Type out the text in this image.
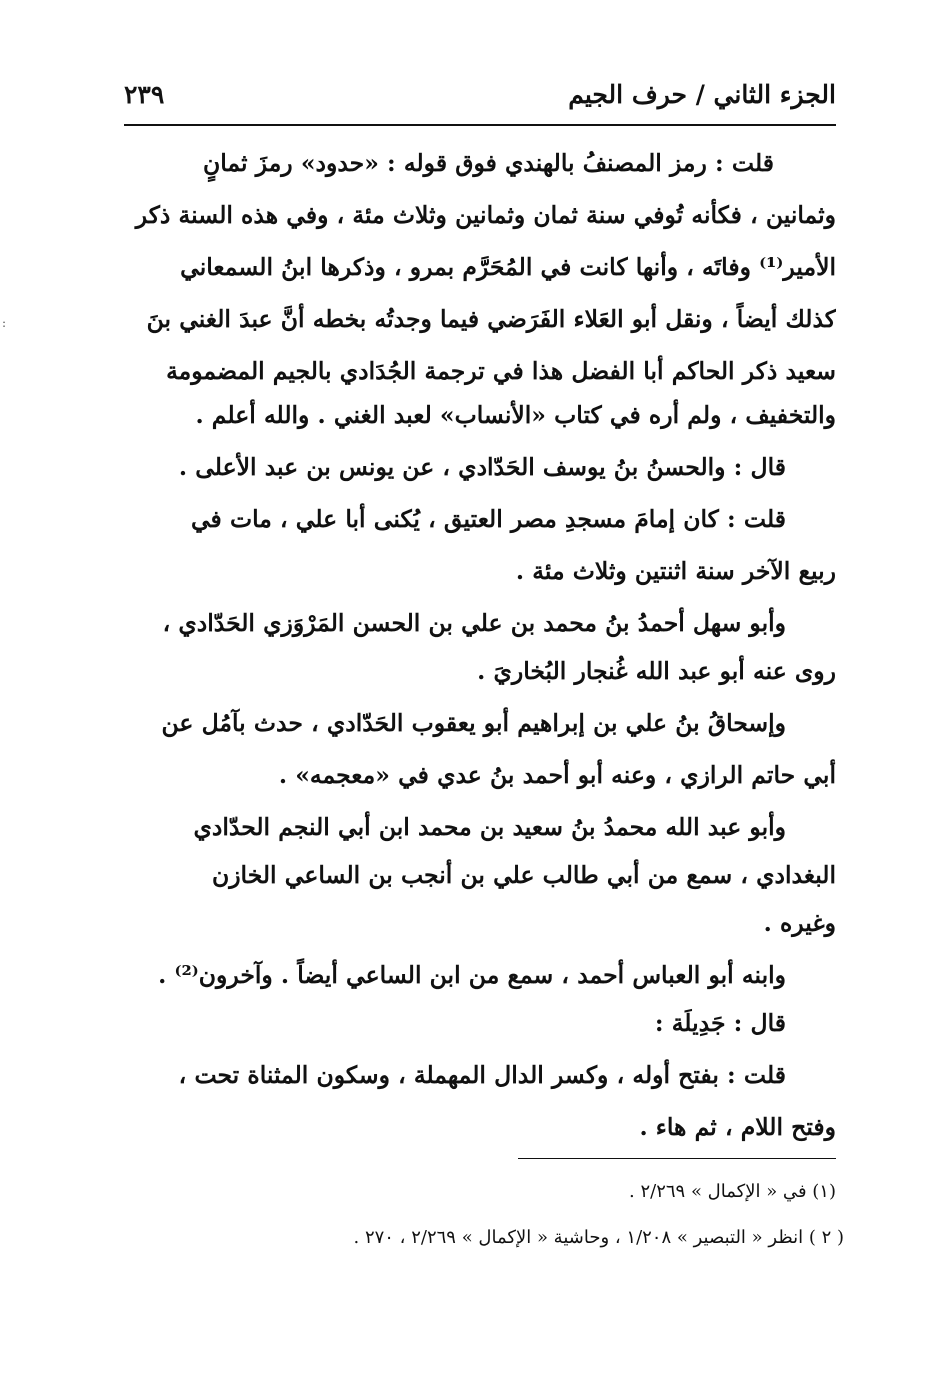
الجزء الثاني / حرف الجيم
٢٣٩
قلت : رمز المصنفُ بالهندي فوق قوله : «حدود» رمزَ ثمانٍ
وثمانين ، فكأنه تُوفي سنة ثمان وثمانين وثلاث مئة ، وفي هذه السنة ذكر
الأمير⁽¹⁾ وفاتَه ، وأنها كانت في المُحَرَّم بمرو ، وذكرها ابنُ السمعاني
كذلك أيضاً ، ونقل أبو العَلاء الفَرَضي فيما وجدتُه بخطه أنَّ عبدَ الغني بنَ
سعيد ذكر الحاكم أبا الفضل هذا في ترجمة الجُدَادي بالجيم المضمومة
والتخفيف ، ولم أره في كتاب «الأنساب» لعبد الغني . والله أعلم .
قال : والحسنُ بنُ يوسف الحَدّادي ، عن يونس بن عبد الأعلى .
قلت : كان إمامَ مسجدِ مصر العتيق ، يُكنى أبا علي ، مات في
ربيع الآخر سنة اثنتين وثلاث مئة .
وأبو سهل أحمدُ بنُ محمد بن علي بن الحسن المَرْوَزي الحَدّادي ،
روى عنه أبو عبد الله غُنجار البُخاريَ .
وإسحاقُ بنُ علي بن إبراهيم أبو يعقوب الحَدّادي ، حدث بآمُل عن
أبي حاتم الرازي ، وعنه أبو أحمد بنُ عدي في «معجمه» .
وأبو عبد الله محمدُ بنُ سعيد بن محمد ابن أبي النجم الحدّادي
البغدادي ، سمع من أبي طالب علي بن أنجب بن الساعي الخازن
وغيره .
وابنه أبو العباس أحمد ، سمع من ابن الساعي أيضاً . وآخرون⁽²⁾ .
قال : جَدِيلَة :
قلت : بفتح أوله ، وكسر الدال المهملة ، وسكون المثناة تحت ،
وفتح اللام ، ثم هاء .
(١) في « الإكمال » ٢/٢٦٩ .
( ٢ ) انظر « التبصير » ١/٢٠٨ ، وحاشية « الإكمال » ٢/٢٦٩ ، ٢٧٠ .
:
